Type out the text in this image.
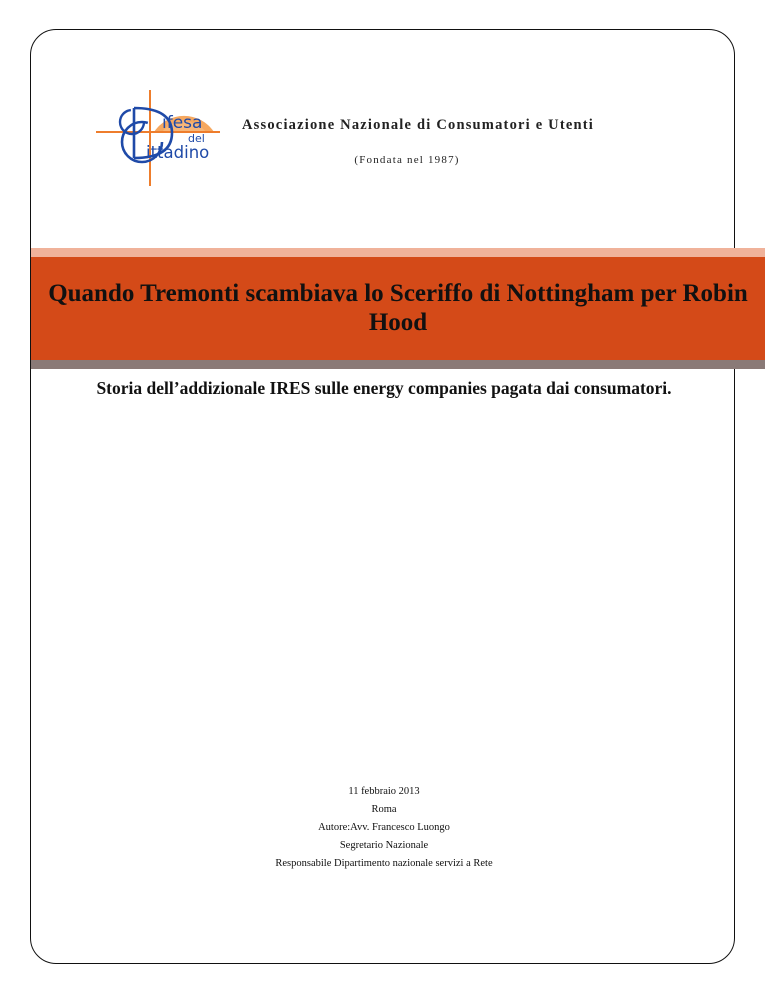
ifesa
del
ittadino
Associazione Nazionale di Consumatori e Utenti
(Fondata nel 1987)
Quando Tremonti scambiava lo Sceriffo di Nottingham per Robin Hood
Storia dell’addizionale IRES sulle energy companies pagata dai consumatori.
11 febbraio 2013
Roma
Autore:Avv. Francesco Luongo
Segretario Nazionale
Responsabile Dipartimento nazionale servizi a Rete
